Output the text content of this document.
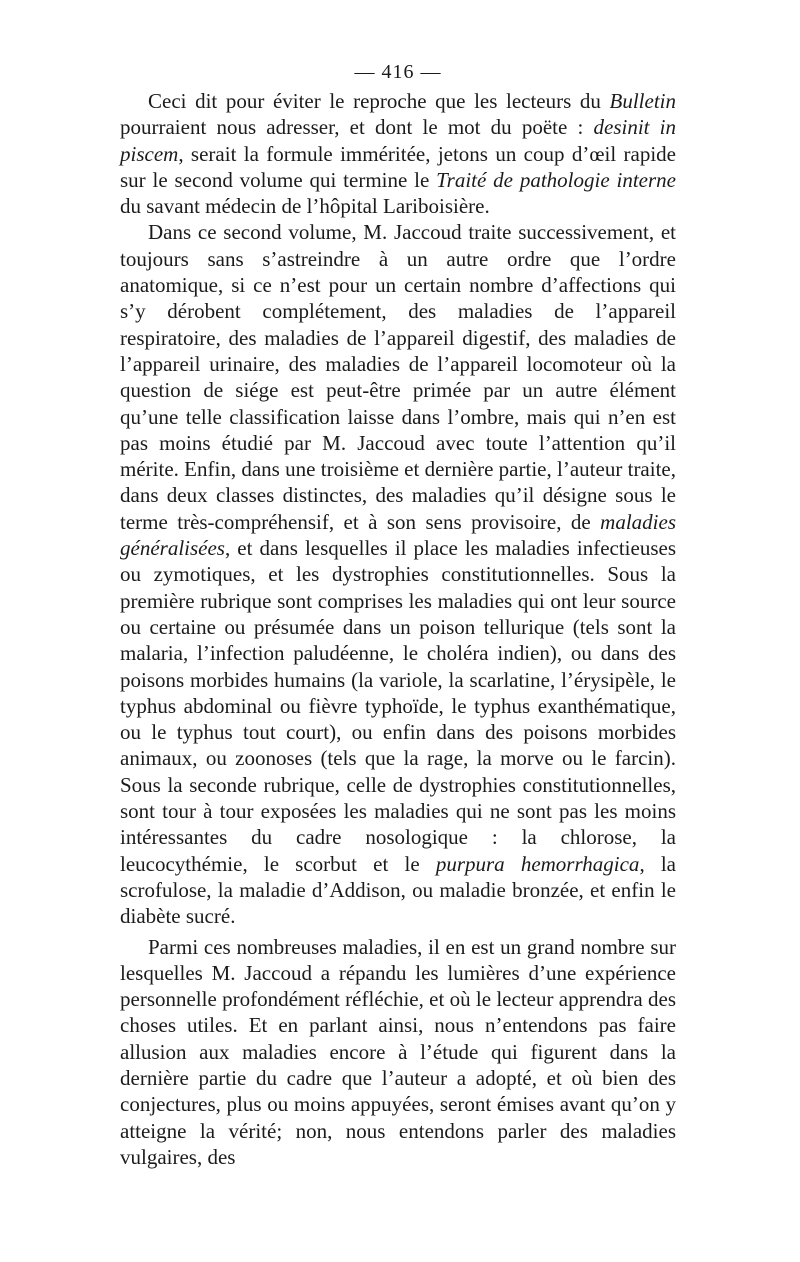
— 416 —

Ceci dit pour éviter le reproche que les lecteurs du Bulletin pourraient nous adresser, et dont le mot du poëte : desinit in piscem, serait la formule imméritée, jetons un coup d’œil rapide sur le second volume qui termine le Traité de pathologie interne du savant médecin de l’hôpital Lariboisière.

Dans ce second volume, M. Jaccoud traite successivement, et toujours sans s’astreindre à un autre ordre que l’ordre anatomique, si ce n’est pour un certain nombre d’affections qui s’y dérobent complétement, des maladies de l’appareil respiratoire, des maladies de l’appareil digestif, des maladies de l’appareil urinaire, des maladies de l’appareil locomoteur où la question de siége est peut-être primée par un autre élément qu’une telle classification laisse dans l’ombre, mais qui n’en est pas moins étudié par M. Jaccoud avec toute l’attention qu’il mérite. Enfin, dans une troisième et dernière partie, l’auteur traite, dans deux classes distinctes, des maladies qu’il désigne sous le terme très-compréhensif, et à son sens provisoire, de maladies généralisées, et dans lesquelles il place les maladies infectieuses ou zymotiques, et les dystrophies constitutionnelles. Sous la première rubrique sont comprises les maladies qui ont leur source ou certaine ou présumée dans un poison tellurique (tels sont la malaria, l’infection paludéenne, le choléra indien), ou dans des poisons morbides humains (la variole, la scarlatine, l’érysipèle, le typhus abdominal ou fièvre typhoïde, le typhus exanthématique, ou le typhus tout court), ou enfin dans des poisons morbides animaux, ou zoonoses (tels que la rage, la morve ou le farcin). Sous la seconde rubrique, celle de dystrophies constitutionnelles, sont tour à tour exposées les maladies qui ne sont pas les moins intéressantes du cadre nosologique : la chlorose, la leucocythémie, le scorbut et le purpura hemorrhagica, la scrofulose, la maladie d’Addison, ou maladie bronzée, et enfin le diabète sucré.

Parmi ces nombreuses maladies, il en est un grand nombre sur lesquelles M. Jaccoud a répandu les lumières d’une expérience personnelle profondément réfléchie, et où le lecteur apprendra des choses utiles. Et en parlant ainsi, nous n’entendons pas faire allusion aux maladies encore à l’étude qui figurent dans la dernière partie du cadre que l’auteur a adopté, et où bien des conjectures, plus ou moins appuyées, seront émises avant qu’on y atteigne la vérité; non, nous entendons parler des maladies vulgaires, des
